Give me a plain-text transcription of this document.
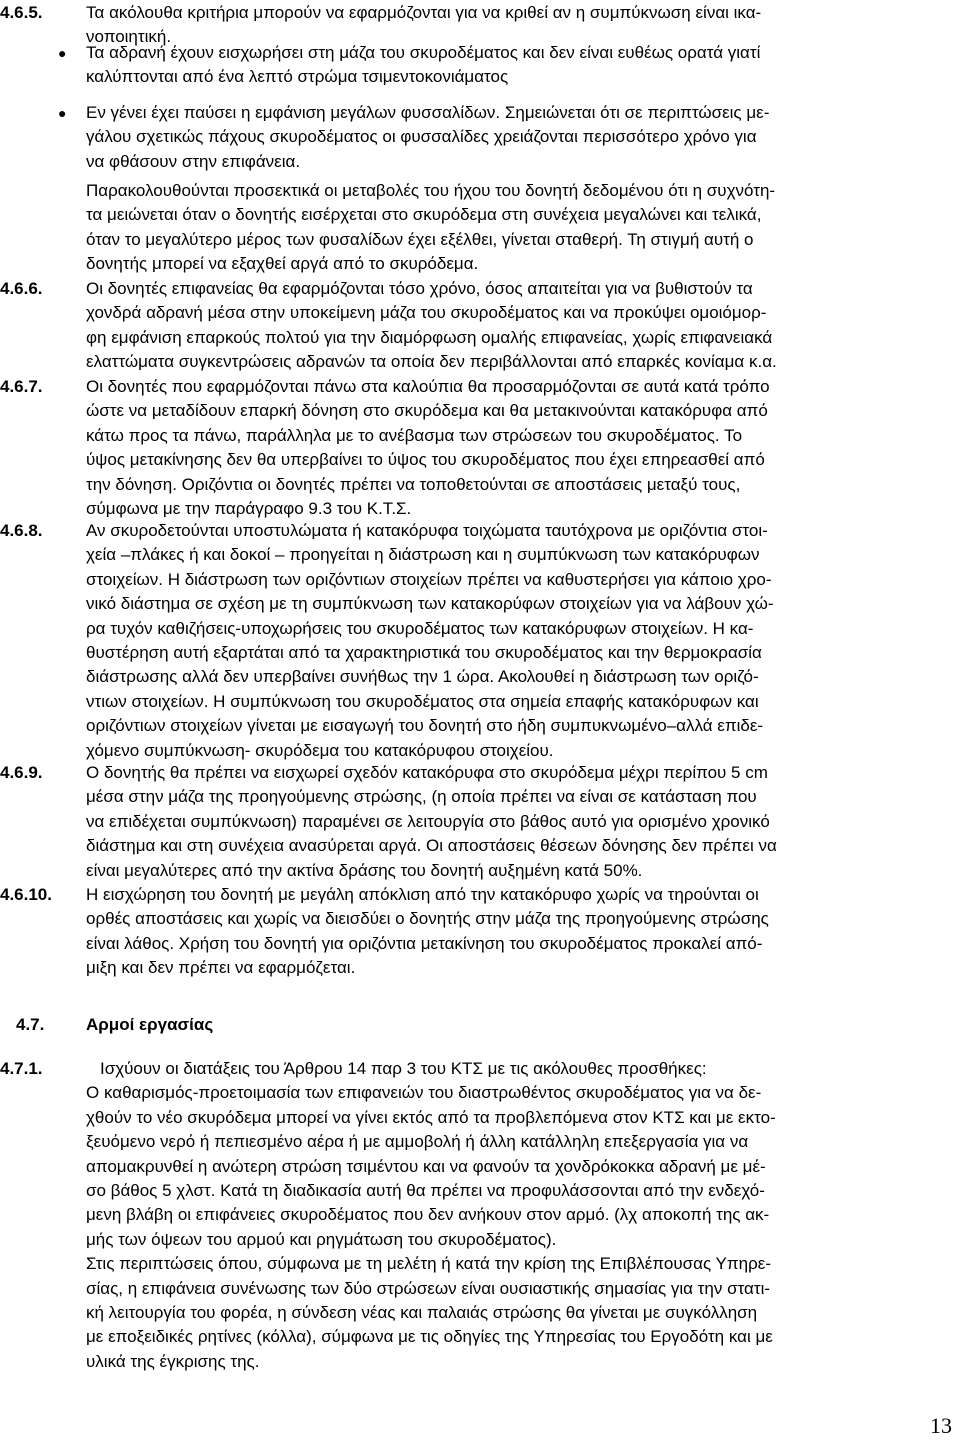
4.6.5.	Τα ακόλουθα κριτήρια μπορούν να εφαρμόζονται για να κριθεί αν η συμπύκνωση είναι ικα-
νοποιητική.
● Τα αδρανή έχουν εισχωρήσει στη μάζα του σκυροδέματος και δεν είναι ευθέως ορατά γιατί
καλύπτονται από ένα λεπτό στρώμα τσιμεντοκονιάματος
● Εν γένει έχει παύσει η εμφάνιση μεγάλων φυσσαλίδων. Σημειώνεται ότι σε περιπτώσεις με-
γάλου σχετικώς πάχους σκυροδέματος οι φυσσαλίδες χρειάζονται περισσότερο χρόνο για
να φθάσουν στην επιφάνεια.
Παρακολουθούνται προσεκτικά οι μεταβολές του ήχου του δονητή δεδομένου ότι η συχνότη-
τα μειώνεται όταν ο δονητής εισέρχεται στο σκυρόδεμα στη συνέχεια μεγαλώνει και τελικά,
όταν το μεγαλύτερο μέρος των φυσαλίδων έχει εξέλθει, γίνεται σταθερή. Τη στιγμή αυτή ο
δονητής μπορεί να εξαχθεί αργά από το σκυρόδεμα.
4.6.6.	Οι δονητές επιφανείας θα εφαρμόζονται τόσο χρόνο, όσος απαιτείται για να βυθιστούν τα
χονδρά αδρανή μέσα στην υποκείμενη μάζα του σκυροδέματος και να προκύψει ομοιόμορ-
φη εμφάνιση επαρκούς πολτού για την διαμόρφωση ομαλής επιφανείας, χωρίς επιφανειακά
ελαττώματα συγκεντρώσεις αδρανών τα οποία δεν περιβάλλονται από επαρκές κονίαμα κ.α.
4.6.7.	Οι δονητές που εφαρμόζονται πάνω στα καλούπια θα προσαρμόζονται σε αυτά κατά τρόπο
ώστε να μεταδίδουν επαρκή δόνηση στο σκυρόδεμα και θα μετακινούνται κατακόρυφα από
κάτω προς τα πάνω, παράλληλα με το ανέβασμα των στρώσεων του σκυροδέματος. Το
ύψος μετακίνησης δεν θα υπερβαίνει το ύψος του σκυροδέματος που έχει επηρεασθεί από
την δόνηση. Οριζόντια οι δονητές πρέπει να τοποθετούνται σε αποστάσεις μεταξύ τους,
σύμφωνα με την παράγραφο 9.3 του Κ.Τ.Σ.
4.6.8.	Αν σκυροδετούνται υποστυλώματα ή κατακόρυφα τοιχώματα ταυτόχρονα με οριζόντια στοι-
χεία –πλάκες ή και δοκοί – προηγείται η διάστρωση και η συμπύκνωση των κατακόρυφων
στοιχείων. Η διάστρωση των οριζόντιων στοιχείων πρέπει να καθυστερήσει για κάποιο χρο-
νικό διάστημα σε σχέση με τη συμπύκνωση των κατακορύφων στοιχείων για να λάβουν χώ-
ρα τυχόν καθιζήσεις-υποχωρήσεις του σκυροδέματος των κατακόρυφων στοιχείων. Η κα-
θυστέρηση αυτή εξαρτάται από τα χαρακτηριστικά του σκυροδέματος και την θερμοκρασία
διάστρωσης αλλά δεν υπερβαίνει συνήθως την 1 ώρα. Ακολουθεί η διάστρωση των οριζό-
ντιων στοιχείων. Η συμπύκνωση του σκυροδέματος στα σημεία επαφής κατακόρυφων και
οριζόντιων στοιχείων γίνεται με εισαγωγή του δονητή στο ήδη συμπυκνωμένο–αλλά επιδε-
χόμενο συμπύκνωση- σκυρόδεμα του κατακόρυφου στοιχείου.
4.6.9.	Ο δονητής θα πρέπει να εισχωρεί σχεδόν κατακόρυφα στο σκυρόδεμα μέχρι περίπου 5 cm
μέσα στην μάζα της προηγούμενης στρώσης, (η οποία πρέπει να είναι σε κατάσταση που
να επιδέχεται συμπύκνωση) παραμένει σε λειτουργία στο βάθος αυτό για ορισμένο χρονικό
διάστημα και στη συνέχεια ανασύρεται αργά. Οι αποστάσεις θέσεων δόνησης δεν πρέπει να
είναι μεγαλύτερες από την ακτίνα δράσης του δονητή αυξημένη κατά 50%.
4.6.10. Η εισχώρηση του δονητή με μεγάλη απόκλιση από την κατακόρυφο χωρίς να τηρούνται οι
ορθές αποστάσεις και χωρίς να διεισδύει ο δονητής στην μάζα της προηγούμενης στρώσης
είναι λάθος. Χρήση του δονητή για οριζόντια μετακίνηση του σκυροδέματος προκαλεί από-
μιξη και δεν πρέπει να εφαρμόζεται.
4.7. Αρμοί εργασίας
4.7.1.	Ισχύουν οι διατάξεις του Άρθρου 14 παρ 3 του ΚΤΣ με τις ακόλουθες προσθήκες:
Ο καθαρισμός-προετοιμασία των επιφανειών του διαστρωθέντος σκυροδέματος για να δε-
χθούν το νέο σκυρόδεμα μπορεί να γίνει εκτός από τα προβλεπόμενα στον ΚΤΣ και με εκτο-
ξευόμενο νερό ή πεπιεσμένο αέρα ή με αμμοβολή ή άλλη κατάλληλη επεξεργασία για να
απομακρυνθεί η ανώτερη στρώση τσιμέντου και να φανούν τα χονδρόκοκκα αδρανή με μέ-
σο βάθος 5 χλστ. Κατά τη διαδικασία αυτή θα πρέπει να προφυλάσσονται από την ενδεχό-
μενη βλάβη οι επιφάνειες σκυροδέματος που δεν ανήκουν στον αρμό. (λχ αποκοπή της ακ-
μής των όψεων του αρμού και ρηγμάτωση του σκυροδέματος).
Στις περιπτώσεις όπου, σύμφωνα με τη μελέτη ή κατά την κρίση της Επιβλέπουσας Υπηρε-
σίας, η επιφάνεια συνένωσης των δύο στρώσεων είναι ουσιαστικής σημασίας για την στατι-
κή λειτουργία του φορέα, η σύνδεση νέας και παλαιάς στρώσης θα γίνεται με συγκόλληση
με εποξειδικές ρητίνες (κόλλα), σύμφωνα με τις οδηγίες της Υπηρεσίας του Εργοδότη και με
υλικά της έγκρισης της.
13
